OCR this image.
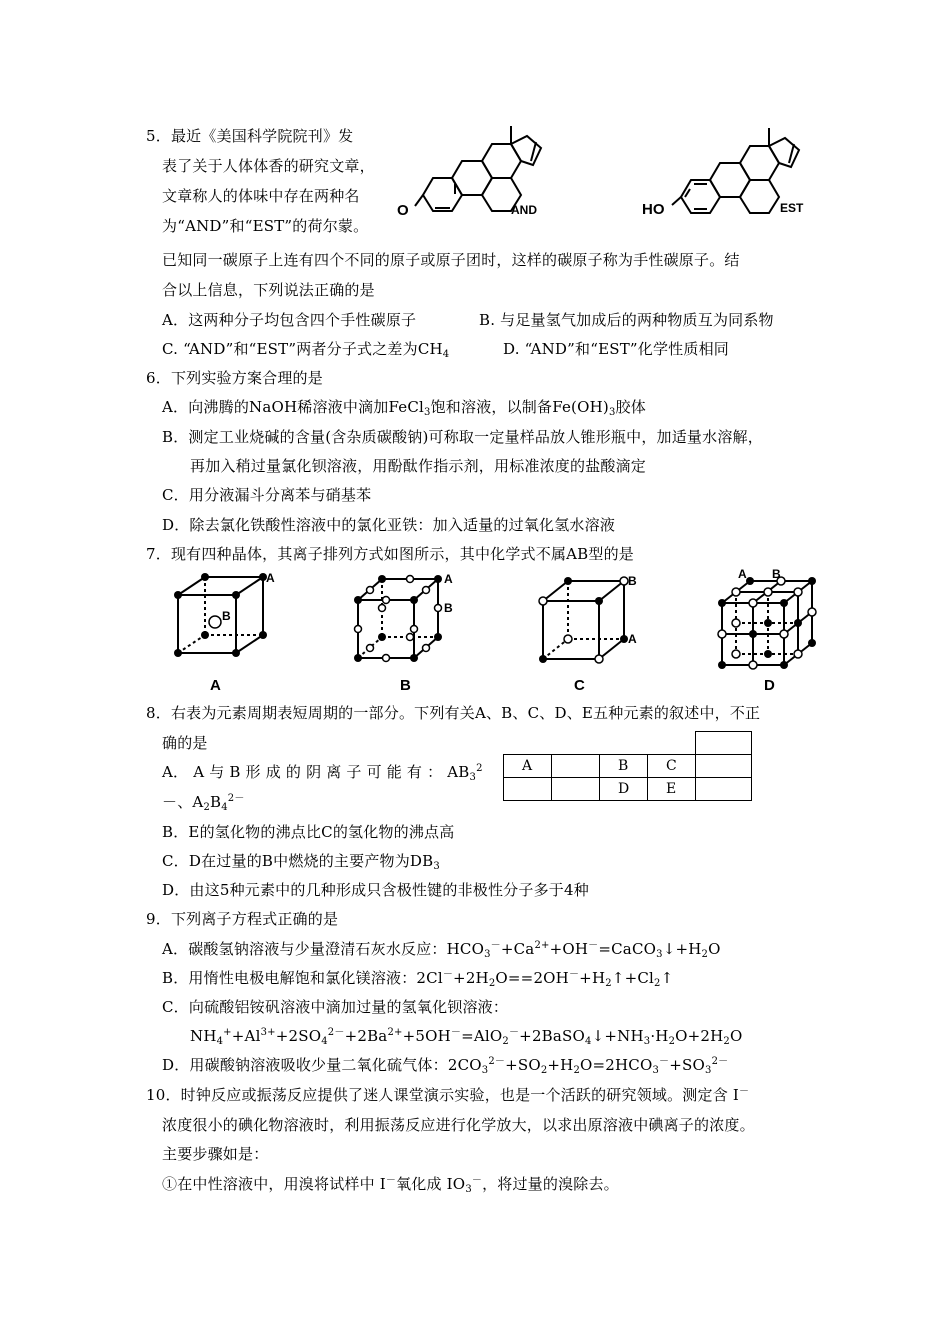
5．最近《美国科学院院刊》发
表了关于人体体香的研究文章，
文章称人的体味中存在两种名
为“AND”和“EST”的荷尔蒙。
O	AND	HO	EST
已知同一碳原子上连有四个不同的原子或原子团时，这样的碳原子称为手性碳原子。结
合以上信息，下列说法正确的是
A．这两种分子均包含四个手性碳原子	B. 与足量氢气加成后的两种物质互为同系物
C. “AND”和“EST”两者分子式之差为$CH_4$	D. “AND”和“EST”化学性质相同
6．下列实验方案合理的是
A．向沸腾的NaOH稀溶液中滴加FeCl$_3$饱和溶液，以制备$Fe(OH)_3$胶体
B．测定工业烧碱的含量(含杂质碳酸钠)可称取一定量样品放人锥形瓶中，加适量水溶解，
再加入稍过量氯化钡溶液，用酚酞作指示剂，用标准浓度的盐酸滴定
C．用分液漏斗分离苯与硝基苯
D．除去氯化铁酸性溶液中的氯化亚铁：加入适量的过氧化氢水溶液
7．现有四种晶体，其离子排列方式如图所示，其中化学式不属AB型的是
A
B
A
B
B
A
A B
A	B	C	D
8．右表为元素周期表短周期的一部分。下列有关A、B、C、D、E五种元素的叙述中，不正
确的是
A． A 与 B 形 成 的 阴 离 子 可 能 有 ： $AB_3^2$
－、$A_2B_4^{2-}$

A		B	C	
		D	E	
B．E的氢化物的沸点比C的氢化物的沸点高
C．D在过量的B中燃烧的主要产物为$DB_3$
D．由这5种元素中的几种形成只含极性键的非极性分子多于4种
9．下列离子方程式正确的是
A．碳酸氢钠溶液与少量澄清石灰水反应：$HCO_3^-+Ca^{2+}+OH^-=CaCO_3↓+H_2O$
B．用惰性电极电解饱和氯化镁溶液：$2Cl^-+2H_2O==2OH^-+H_2↑+Cl_2↑$
C．向硫酸铝铵矾溶液中滴加过量的氢氧化钡溶液：
$NH_4^++Al^{3+}+2SO_4^{2-}+2Ba^{2+}+5OH^-=AlO_2^-+2BaSO_4↓+NH_3\cdot H_2O+2H_2O$
D．用碳酸钠溶液吸收少量二氧化硫气体：$2CO_3^{2-}+SO_2+H_2O=2HCO_3^-+SO_3^{2-}$
10．时钟反应或振荡反应提供了迷人课堂演示实验，也是一个活跃的研究领域。测定含 I－
浓度很小的碘化物溶液时，利用振荡反应进行化学放大，以求出原溶液中碘离子的浓度。
主要步骤如是：
①在中性溶液中，用溴将试样中 I－氧化成 $IO_3^-$，将过量的溴除去。
